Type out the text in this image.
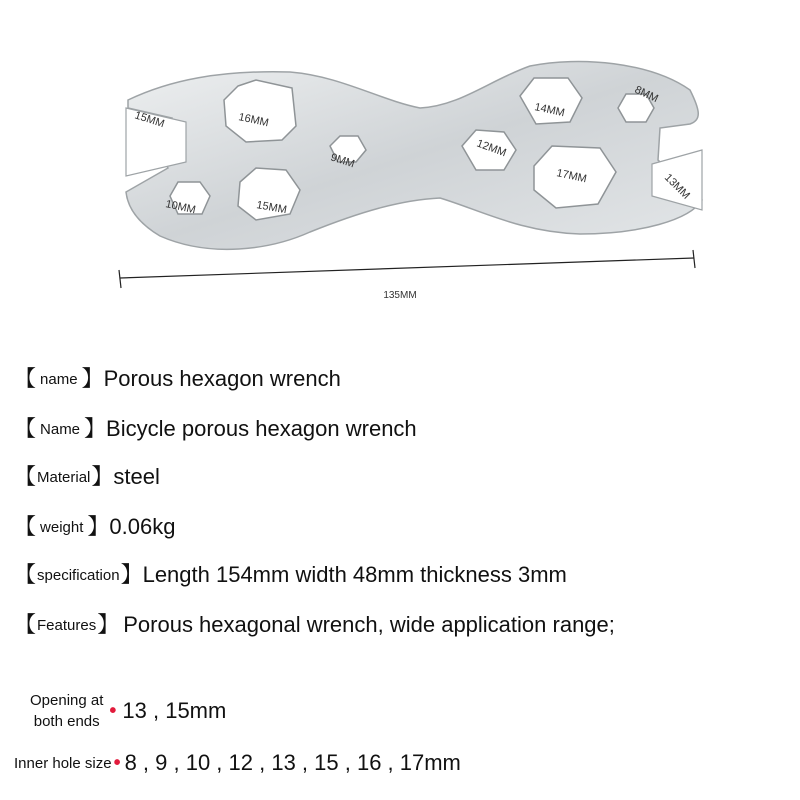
15MM	16MM
9MM
10MM	15MM
12MM
14MM
8MM
17MM	13MM
135MM
【 name 】 Porous hexagon wrench
【 Name 】 Bicycle porous hexagon wrench
【 Material 】 steel
【 weight 】 0.06kg
【 specification 】 Length 154mm width 48mm thickness 3mm
【 Features 】 Porous hexagonal wrench, wide application range;
Opening at
both ends • 13 , 15mm
Inner hole size • 8 , 9 , 10 , 12 , 13 , 15 , 16 , 17mm
